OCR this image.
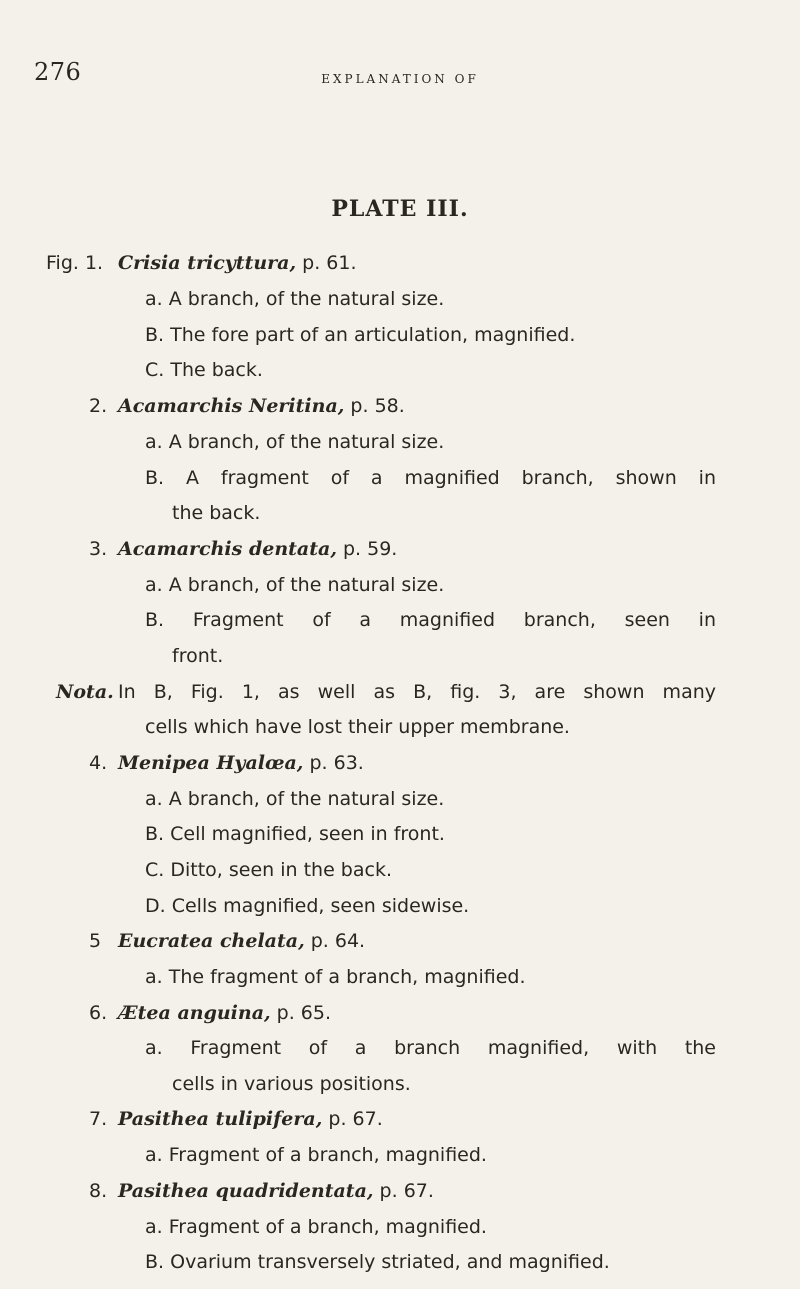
276	EXPLANATION OF
PLATE III.
Fig. 1. Crisia tricyttura, p. 61.
a. A branch, of the natural size.
B. The fore part of an articulation, magnified.
C. The back.
2. Acamarchis Neritina, p. 58.
a. A branch, of the natural size.
B. A fragment of a magnified branch, shown in
the back.
3. Acamarchis dentata, p. 59.
a. A branch, of the natural size.
B. Fragment of a magnified branch, seen in
front.
Nota. In B, Fig. 1, as well as B, fig. 3, are shown many
cells which have lost their upper membrane.
4. Menipea Hyalœa, p. 63.
a. A branch, of the natural size.
B. Cell magnified, seen in front.
C. Ditto, seen in the back.
D. Cells magnified, seen sidewise.
5 Eucratea chelata, p. 64.
a. The fragment of a branch, magnified.
6. Ætea anguina, p. 65.
a. Fragment of a branch magnified, with the
cells in various positions.
7. Pasithea tulipifera, p. 67.
a. Fragment of a branch, magnified.
8. Pasithea quadridentata, p. 67.
a. Fragment of a branch, magnified.
B. Ovarium transversely striated, and magnified.
